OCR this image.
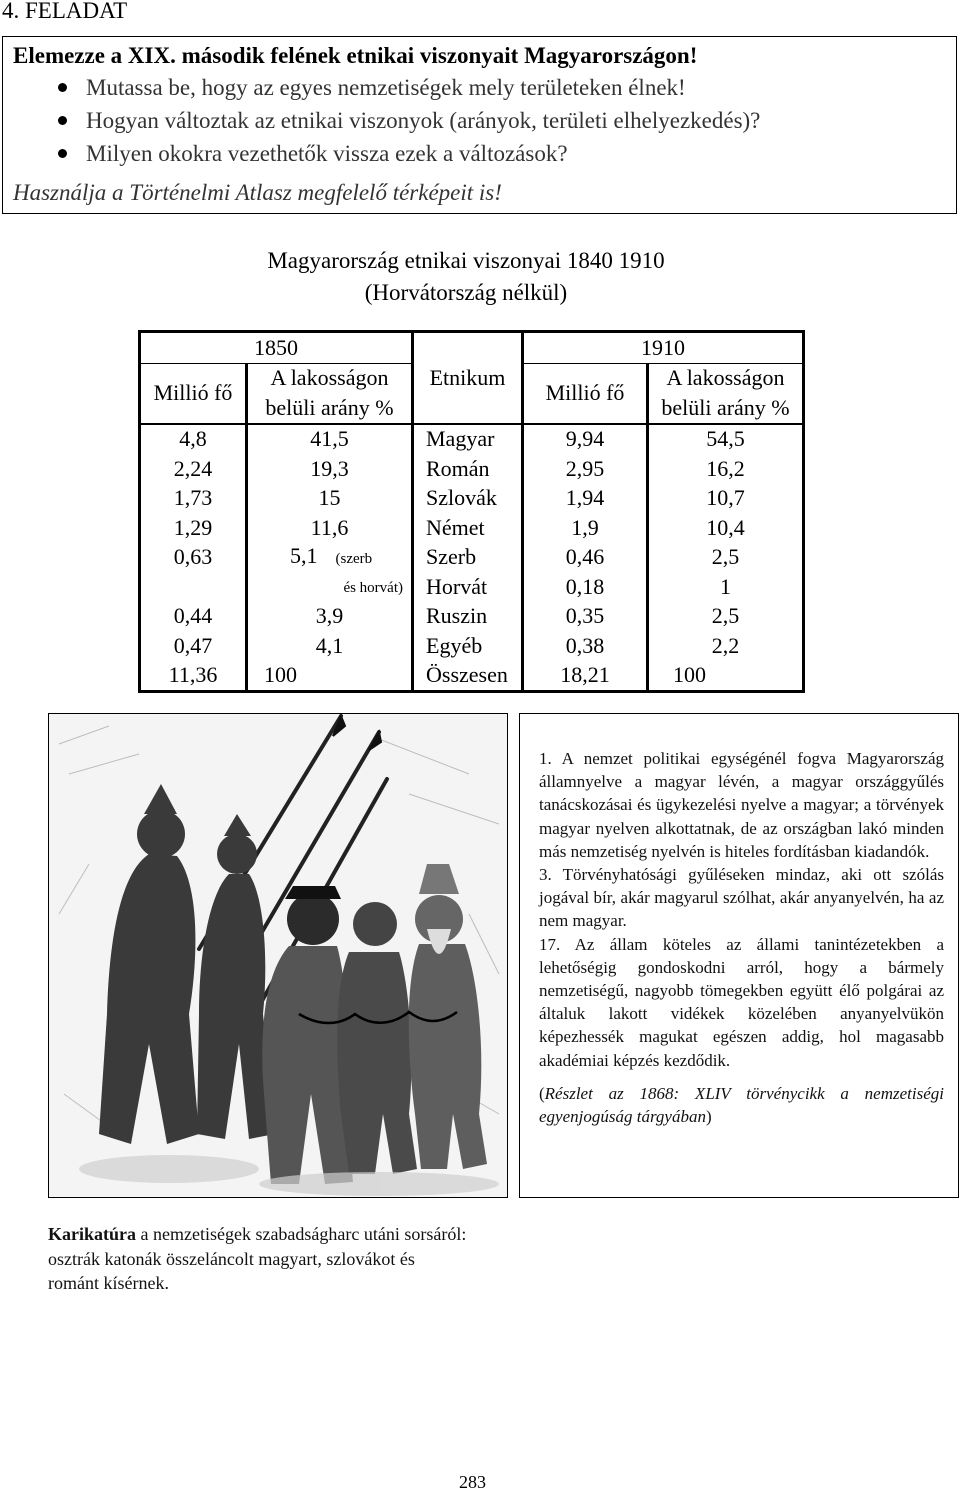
4. FELADAT
Elemezze a XIX. második felének etnikai viszonyait Magyarországon!
Mutassa be, hogy az egyes nemzetiségek mely területeken élnek!
Hogyan változtak az etnikai viszonyok (arányok, területi elhelyezkedés)?
Milyen okokra vezethetők vissza ezek a változások?
Használja a Történelmi Atlasz megfelelő térképeit is!
Magyarország etnikai viszonyai 1840 1910
(Horvátország nélkül)
1850		Etnikum	1910	
Millió fő	A lakosságon		Millió fő	A lakosságon
	belüli arány %			belüli arány %
4,8	41,5	Magyar	9,94	54,5
2,24	19,3	Román	2,95	16,2
1,73	15	Szlovák	1,94	10,7
1,29	11,6	Német	1,9	10,4
0,63	5,1 (szerb	Szerb	0,46	2,5
	és horvát)	Horvát	0,18	1
0,44	3,9	Ruszin	0,35	2,5
0,47	4,1	Egyéb	0,38	2,2
11,36	100	Összesen	18,21	100

1. A nemzet politikai egységénél fogva Magyarország államnyelve a magyar lévén, a magyar országgyűlés tanácskozásai és ügykezelési nyelve a magyar; a törvények magyar nyelven alkottatnak, de az országban lakó minden más nemzetiség nyelvén is hiteles fordításban kiadandók.

3. Törvényhatósági gyűléseken mindaz, aki ott szólás jogával bír, akár magyarul szólhat, akár anyanyelvén, ha az nem magyar.

17. Az állam köteles az állami tanintézetekben a lehetőségig gondoskodni arról, hogy a bármely nemzetiségű, nagyobb tömegekben együtt élő polgárai az általuk lakott vidékek közelében anyanyelvükön képezhessék magukat egészen addig, hol magasabb akadémiai képzés kezdődik.

(Részlet az 1868: XLIV törvénycikk a nemzetiségi egyenjogúság tárgyában)

Karikatúra a nemzetiségek szabadságharc utáni sorsáról: osztrák katonák összeláncolt magyart, szlovákot és románt kísérnek.
283
